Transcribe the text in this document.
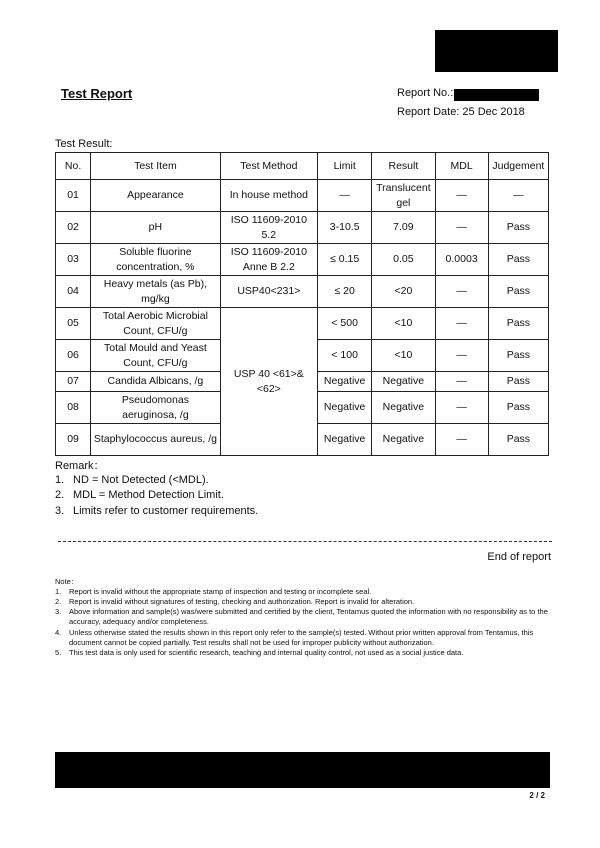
Test Report	Report No.:
Report Date: 25 Dec 2018
Test Result:
No.	Test Item	Test Method	Limit	Result	MDL	Judgement
01	Appearance	In house method	—	Translucent gel	—	—
02	pH	ISO 11609-2010 5.2	3-10.5	7.09	—	Pass
03	Soluble fluorine concentration, %	ISO 11609-2010 Anne B 2.2	≤ 0.15	0.05	0.0003	Pass
04	Heavy metals (as Pb), mg/kg	USP40<231>	≤ 20	<20	—	Pass
05	Total Aerobic Microbial Count, CFU/g	USP 40 <61>&<62>	< 500	<10	—	Pass
06	Total Mould and Yeast Count, CFU/g		< 100	<10	—	Pass
07	Candida Albicans, /g		Negative	Negative	—	Pass
08	Pseudomonas aeruginosa, /g		Negative	Negative	—	Pass
09	Staphylococcus aureus, /g		Negative	Negative	—	Pass
Remark：
1. ND = Not Detected (<MDL).
2. MDL = Method Detection Limit.
3. Limits refer to customer requirements.
End of report
Note：
1. Report is invalid without the appropriate stamp of inspection and testing or incomplete seal.
2. Report is invalid without signatures of testing, checking and authorization. Report is invalid for alteration.
3. Above information and sample(s) was/were submitted and certified by the client, Tentamus quoted the information with no responsibility as to the accuracy, adequacy and/or completeness.
4. Unless otherwise stated the results shown in this report only refer to the sample(s) tested. Without prior written approval from Tentamus, this document cannot be copied partially. Test results shall not be used for improper publicity without authorization.
5. This test data is only used for scientific research, teaching and internal quality control, not used as a social justice data.
2 / 2
